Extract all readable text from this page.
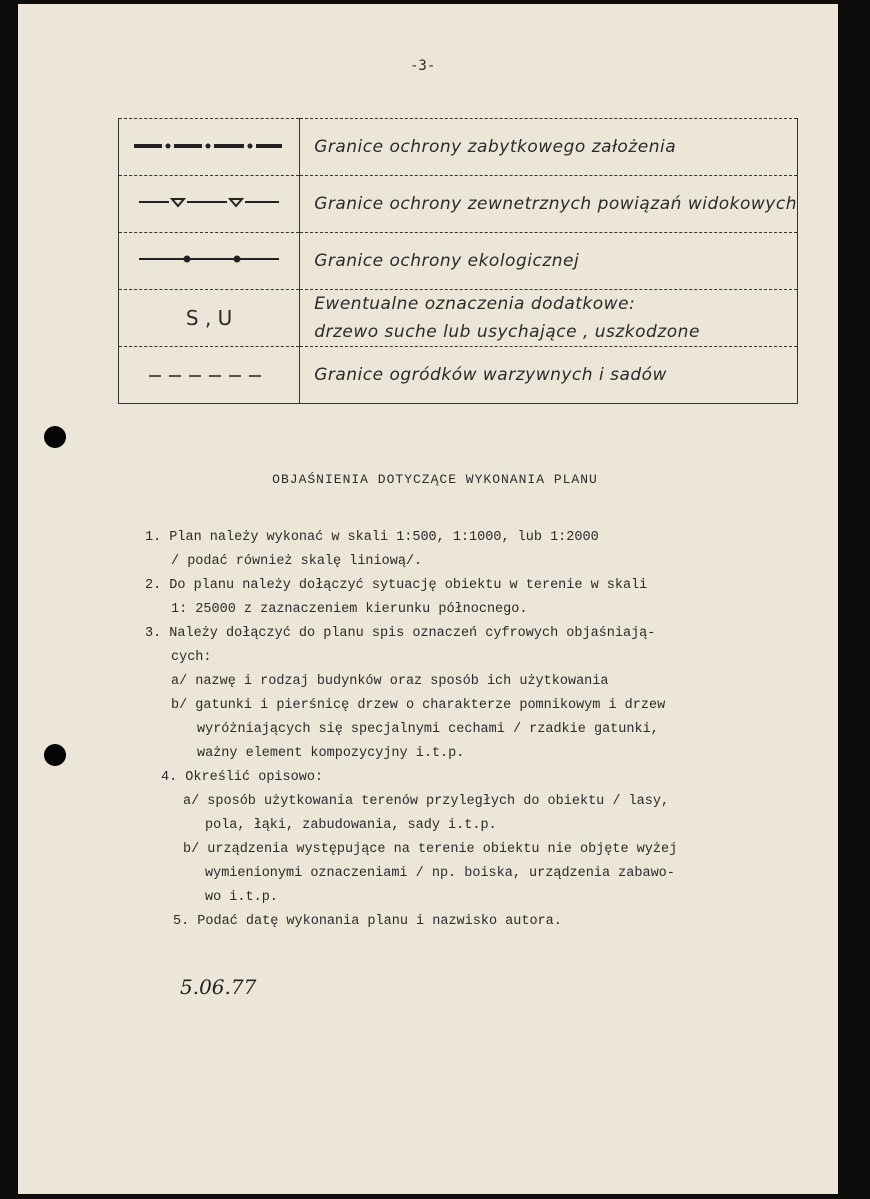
-3-
	Granice ochrony zabytkowego założenia
	Granice ochrony zewnetrznych powiązań widokowych
	Granice ochrony ekologicznej
S , U	Ewentualne oznaczenia dodatkowe:
drzewo suche lub usychające , uszkodzone

	Granice ogródków warzywnych i sadów
OBJAŚNIENIA DOTYCZĄCE WYKONANIA PLANU
1. Plan należy wykonać w skali 1:500, 1:1000, lub 1:2000
/ podać również skalę liniową/.
2. Do planu należy dołączyć sytuację obiektu w terenie w skali
1: 25000 z zaznaczeniem kierunku północnego.
3. Należy dołączyć do planu spis oznaczeń cyfrowych objaśniają-
cych:
a/ nazwę i rodzaj budynków oraz sposób ich użytkowania
b/ gatunki i pierśnicę drzew o charakterze pomnikowym i drzew
wyróżniających się specjalnymi cechami / rzadkie gatunki,
ważny element kompozycyjny i.t.p.
4. Określić opisowo:
a/ sposób użytkowania terenów przyległych do obiektu / lasy,
pola, łąki, zabudowania, sady i.t.p.
b/ urządzenia występujące na terenie obiektu nie objęte wyżej
wymienionymi oznaczeniami / np. boiska, urządzenia zabawo-
wo i.t.p.
5. Podać datę wykonania planu i nazwisko autora.
5.06.77
